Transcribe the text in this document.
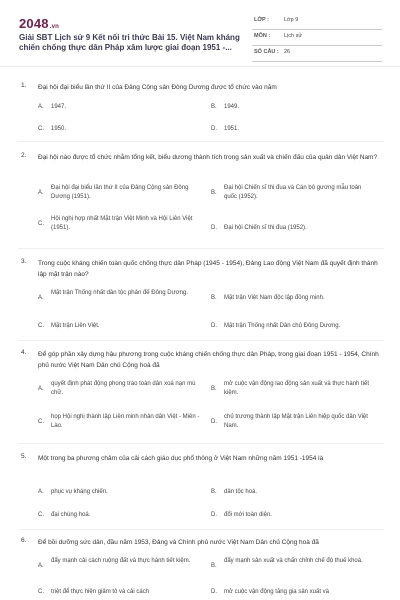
2048.vn
Giải SBT Lịch sử 9 Kết nối tri thức Bài 15. Việt Nam kháng chiến chống thực dân Pháp xâm lược giai đoạn 1951 -...
LỚP :	Lớp 9
MÔN :	Lịch sử
SỐ CÂU : 26
1. Đại hội đại biểu lần thứ II của Đảng Cộng sản Đông Dương được tổ chức vào năm
A. 1947.	B. 1949.
C. 1950.	D. 1951.
2. Đại hội nào được tổ chức nhằm tổng kết, biểu dương thành tích trong sản xuất và chiến đấu của quân dân Việt Nam?
A.
Đại hội đại biểu lần thứ II của Đảng Cộng sản Đông Dương (1951).
B.
Đại hội Chiến sĩ thi đua và Cán bộ gương mẫu toàn quốc (1952).
C.
Hội nghị hợp nhất Mặt trận Việt Minh và Hội Liên Việt (1951).	D. Đại hội Chiến sĩ thi đua (1952).
3. Trong cuộc kháng chiến toàn quốc chống thực dân Pháp (1945 - 1954), Đảng Lao động Việt Nam đã quyết định thành lập mặt trận nào?
A.
Mặt trận Thống nhất dân tộc phản đế Đông Dương.
B. Mặt trận Việt Nam độc lập đồng minh.
C. Mặt trận Liên Việt.	D. Mặt trận Thống nhất Dân chủ Đông Dương.
4. Để góp phần xây dựng hậu phương trong cuộc kháng chiến chống thực dân Pháp, trong giai đoạn 1951 - 1954, Chính phủ nước Việt Nam Dân chủ Cộng hoà đã
A.
quyết định phát động phong trào toàn dân xoá nạn mù chữ.
B.
mở cuộc vận động lao động sản xuất và thực hành tiết kiệm.
C.
họp Hội nghị thành lập Liên minh nhân dân Việt - Miên - Lào.
D.
chủ trương thành lập Mặt trận Liên hiệp quốc dân Việt Nam.
5. Một trong ba phương châm của cải cách giáo dục phổ thông ở Việt Nam những năm 1951 -1954 là
A. phục vụ kháng chiến.	B. dân tộc hoá.
C. đại chúng hoá.	D. đổi mới toàn diện.
6. Để bồi dưỡng sức dân, đầu năm 1953, Đảng và Chính phủ nước Việt Nam Dân chủ Cộng hoà đã
A.
đẩy mạnh cải cách ruộng đất và thực hành tiết kiệm.
B.
đẩy mạnh sản xuất và chấn chỉnh chế độ thuế khoá.
C. triệt để thực hiện giảm tô và cải cách	D. mở cuộc vận động tăng gia sản xuất và
